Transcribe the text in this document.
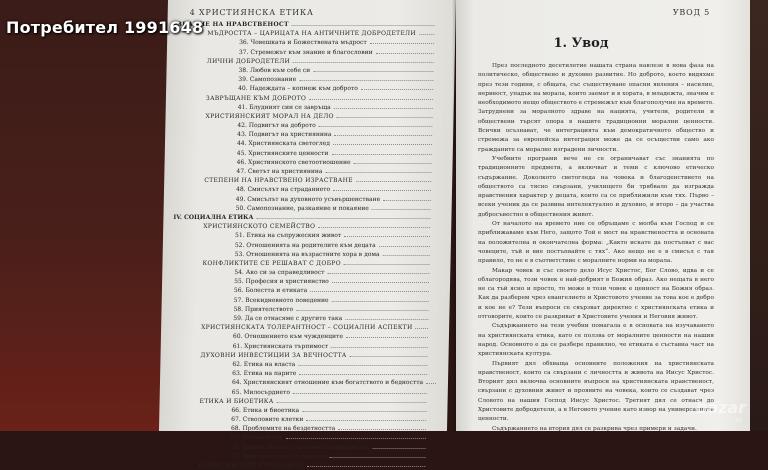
4 ХРИСТИЯНСКА ЕТИКА
ЗНАНИЕ НА НРАВСТВЕНОСТ
МЪДРОСТТА – ЦАРИЦАТА НА АНТИЧНИТЕ ДОБРОДЕТЕЛИ
36. Човешката и Божествената мъдрост
37. Стремежът към знание и благословии
ЛИЧНИ ДОБРОДЕТЕЛИ
38. Любов към себе си
39. Самопознание
40. Надеждата – копнеж към доброто
ЗАВРЪЩАНЕ КЪМ ДОБРОТО
41. Блудният син се завръща
ХРИСТИЯНСКИЯТ МОРАЛ НА ДЕЛО
42. Подвигът на доброто
43. Подвигът на християнина
44. Християнската светоглед
45. Християнските ценности
46. Християнското светоотношение
47. Светът на християнина
СТЕПЕНИ НА НРАВСТВЕНО ИЗРАСТВАНЕ
48. Смисълът на страданието
49. Смисълът на духовното усъвършенстване
50. Самопознание, разкаяние и покаяние
IV. СОЦИАЛНА ЕТИКА
ХРИСТИЯНСКОТО СЕМЕЙСТВО
51. Етика на съпружеския живот
52. Отношенията на родителите към децата
53. Отношенията на възрастните хора в дома
КОНФЛИКТИТЕ СЕ РЕШАВАТ С ДОБРО
54. Ако си за справедливост
55. Професия и християнство
56. Болестта и етиката
57. Всекидневното поведение
58. Приятелството
59. Да се отнасяме с другите така
ХРИСТИЯНСКАТА ТОЛЕРАНТНОСТ – СОЦИАЛНИ АСПЕКТИ
60. Отношението към чужденците
61. Християнската търпимост
ДУХОВНИ ИНВЕСТИЦИИ ЗА ВЕЧНОСТТА
62. Етика на власта
63. Етика на парите
64. Християнският отношение към богатството и бедността
65. Милосърдието
ЕТИКА И БИОЕТИКА
66. Етика и биоетика
67. Стволовите клетки
68. Проблемите на бездетността
69. Евтаназията
70. Здраве, болест, сърдечно съвършенство
71. Християнството и смъртта
КАКВО МИСЛЯТ УЧЕНИЦИТЕ
УВОД 5
1. Увод

През последното десетилетие нашата страна навлезе в нова фаза на политическо, обществено и духовно развитие. Но доброто, което видяхме през тези години, с общата, със съществуване опасни явления – насилие, нервност, упадък на морала, които заемат и в хората, в младежта, значим е необходимото нещо обществото е стремежът към благополучие на времето. Затруднени за моралното здраве на нацията, учители, родители и обществени търсят опора в нашите традиционни морални ценности. Всички осъзнават, че интеграцията към демократичното общество и стремежа за европейска интеграция може да се осъществи само ако гражданите са морално изградени личности.

Учебните програми вече не се ограничават със знанията по традиционните предмети, а включват и теми с ключово етическо съдържание. Доколкото светогледа на човека и благоденствието на обществото са тясно свързани, училището би трябвало да изгражда нравствения характер у децата, които са се приближили към тях. Първо – всеки ученик да се развива интелектуално и духовно, и второ – да участва добросъвестно в обществения живот.

От началото на времето ние се обръщаме с молба към Господ и се приближаваме към Него, защото Той е мост на нравствеността и основата на положителна и окончателна форма: „Както искате да постъпват с вас човеците, тъй и вие постъпвайте с тях“. Ако нещо не е в смисъл с тая правило, то не е в съответствие с моралните норми на морала.

Макар човек и със своето дело Исус Христос, Бог Слово, идва и се облагородява, този човек е най-добрият в Божия образ. Ако нещата в него не са тъй ясно и просто, то може в този човек е ценност на Божия образ. Как да разберем чрез евангелието и Христовото учение за това кое е добро и кое не е? Тези въпроси се свързват директно с християнската етика и отговорите, които се разкриват в Христовите учения и Неговия живот.

Съдържанието на тези учебни помагала е в основата на изучаването на християнската етика, като се ползва от моралните ценности на нашия народ. Основното е да се разбере правилно, че етиката е съставна част на християнската култура.

Първият дял обхваща основните положения на християнската нравственост, които са свързани с личността и живота на Иисус Христос. Вторият дял включва основните въпроси на християнската нравственост, свързани с духовния живот и проявите на човека, които се създават чрез Словото на нашия Господ Иисус Христос. Третият дял се отнася до Христовите добродетели, а в Неговото учение като извор на универсалните ценности.

Съдържанието на втория дял се разкрива чрез примери и задачи.

Потребител 1991648
bazar
.bg
